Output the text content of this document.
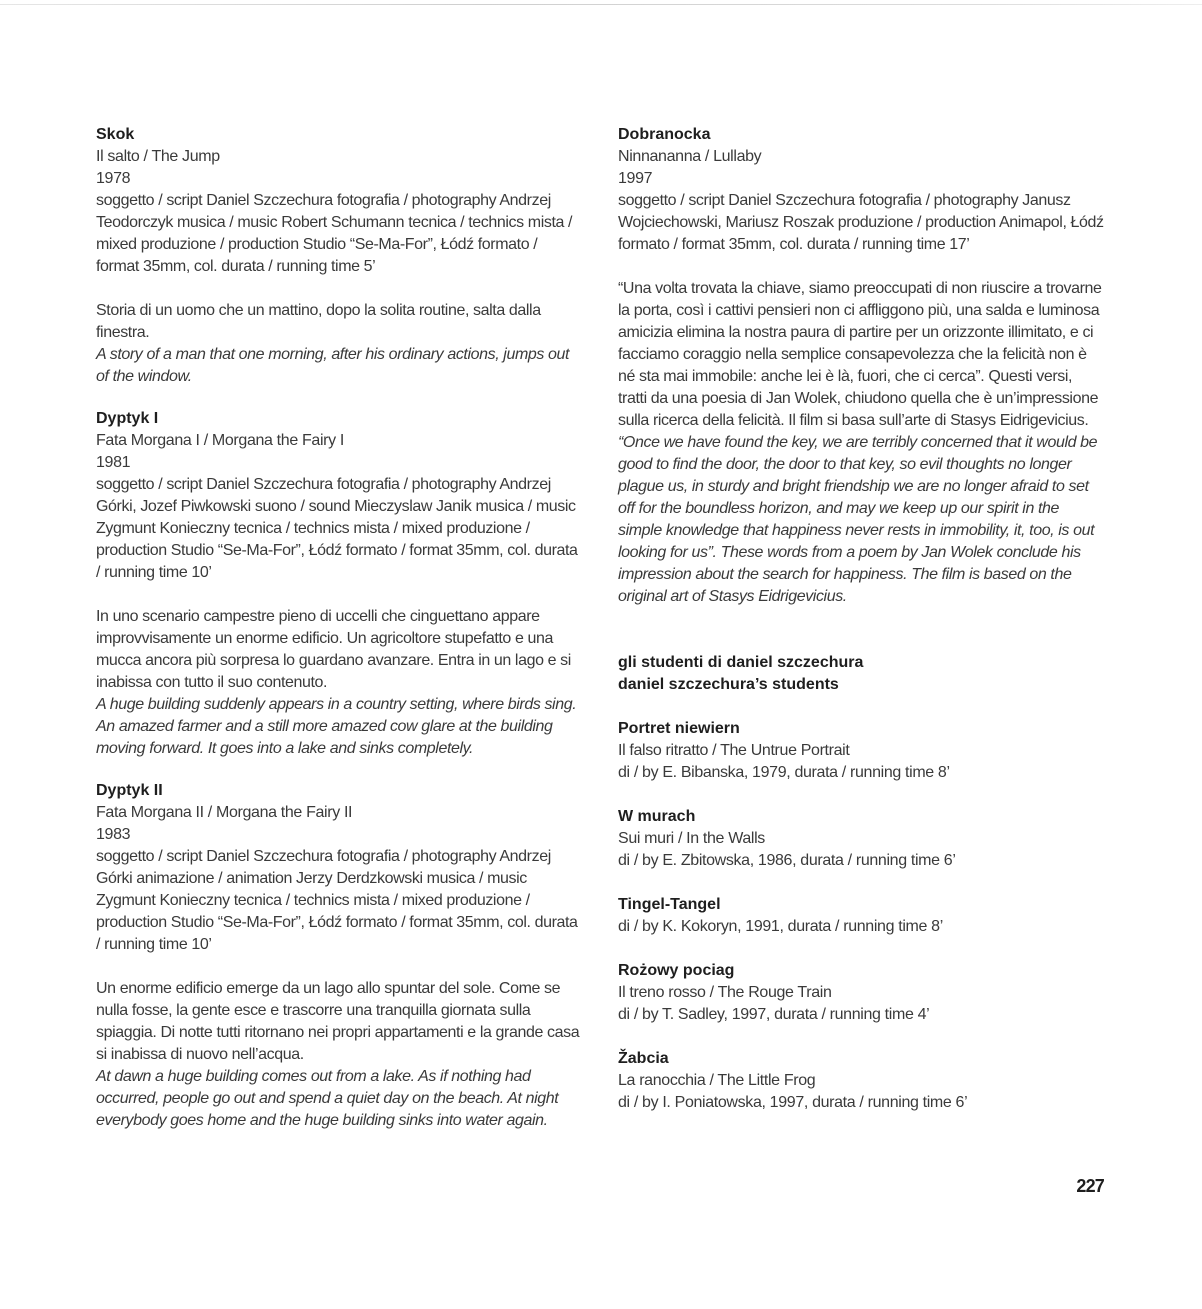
Skok

Il salto / The Jump

1978

soggetto / script Daniel Szczechura fotografia / photography Andrzej Teodorczyk musica / music Robert Schumann tecnica / technics mista / mixed produzione / production Studio “Se-Ma-For”, Łódź formato / format 35mm, col. durata / running time 5’

Storia di un uomo che un mattino, dopo la solita routine, salta dalla finestra.

A story of a man that one morning, after his ordinary actions, jumps out of the window.

Dyptyk I

Fata Morgana I / Morgana the Fairy I

1981

soggetto / script Daniel Szczechura fotografia / photography Andrzej Górki, Jozef Piwkowski suono / sound Mieczyslaw Janik musica / music Zygmunt Konieczny tecnica / technics mista / mixed produzione / production Studio “Se-Ma-For”, Łódź formato / format 35mm, col. durata / running time 10’

In uno scenario campestre pieno di uccelli che cinguettano appare improvvisamente un enorme edificio. Un agricoltore stupefatto e una mucca ancora più sorpresa lo guardano avanzare. Entra in un lago e si inabissa con tutto il suo contenuto.

A huge building suddenly appears in a country setting, where birds sing. An amazed farmer and a still more amazed cow glare at the building moving forward. It goes into a lake and sinks completely.

Dyptyk II

Fata Morgana II / Morgana the Fairy II

1983

soggetto / script Daniel Szczechura fotografia / photography Andrzej Górki animazione / animation Jerzy Derdzkowski musica / music Zygmunt Konieczny tecnica / technics mista / mixed produzione / production Studio “Se-Ma-For”, Łódź formato / format 35mm, col. durata / running time 10’

Un enorme edificio emerge da un lago allo spuntar del sole. Come se nulla fosse, la gente esce e trascorre una tranquilla giornata sulla spiaggia. Di notte tutti ritornano nei propri appartamenti e la grande casa si inabissa di nuovo nell’acqua.

At dawn a huge building comes out from a lake. As if nothing had occurred, people go out and spend a quiet day on the beach. At night everybody goes home and the huge building sinks into water again.

Dobranocka

Ninnananna / Lullaby

1997

soggetto / script Daniel Szczechura fotografia / photography Janusz Wojciechowski, Mariusz Roszak produzione / production Animapol, Łódź formato / format 35mm, col. durata / running time 17’

“Una volta trovata la chiave, siamo preoccupati di non riuscire a trovarne la porta, così i cattivi pensieri non ci affliggono più, una salda e luminosa amicizia elimina la nostra paura di partire per un orizzonte illimitato, e ci facciamo coraggio nella semplice consapevolezza che la felicità non è né sta mai immobile: anche lei è là, fuori, che ci cerca”. Questi versi, tratti da una poesia di Jan Wolek, chiudono quella che è un’impressione sulla ricerca della felicità. Il film si basa sull’arte di Stasys Eidrigevicius.

“Once we have found the key, we are terribly concerned that it would be good to find the door, the door to that key, so evil thoughts no longer plague us, in sturdy and bright friendship we are no longer afraid to set off for the boundless horizon, and may we keep up our spirit in the simple knowledge that happiness never rests in immobility, it, too, is out looking for us”. These words from a poem by Jan Wolek conclude his impression about the search for happiness. The film is based on the original art of Stasys Eidrigevicius.

gli studenti di daniel szczechura

daniel szczechura’s students

Portret niewiern

Il falso ritratto / The Untrue Portrait

di / by E. Bibanska, 1979, durata / running time 8’

W murach

Sui muri / In the Walls

di / by E. Zbitowska, 1986, durata / running time 6’

Tingel-Tangel

di / by K. Kokoryn, 1991, durata / running time 8’

Rożowy pociag

Il treno rosso / The Rouge Train

di / by T. Sadley, 1997, durata / running time 4’

Žabcia

La ranocchia / The Little Frog

di / by I. Poniatowska, 1997, durata / running time 6’

227
